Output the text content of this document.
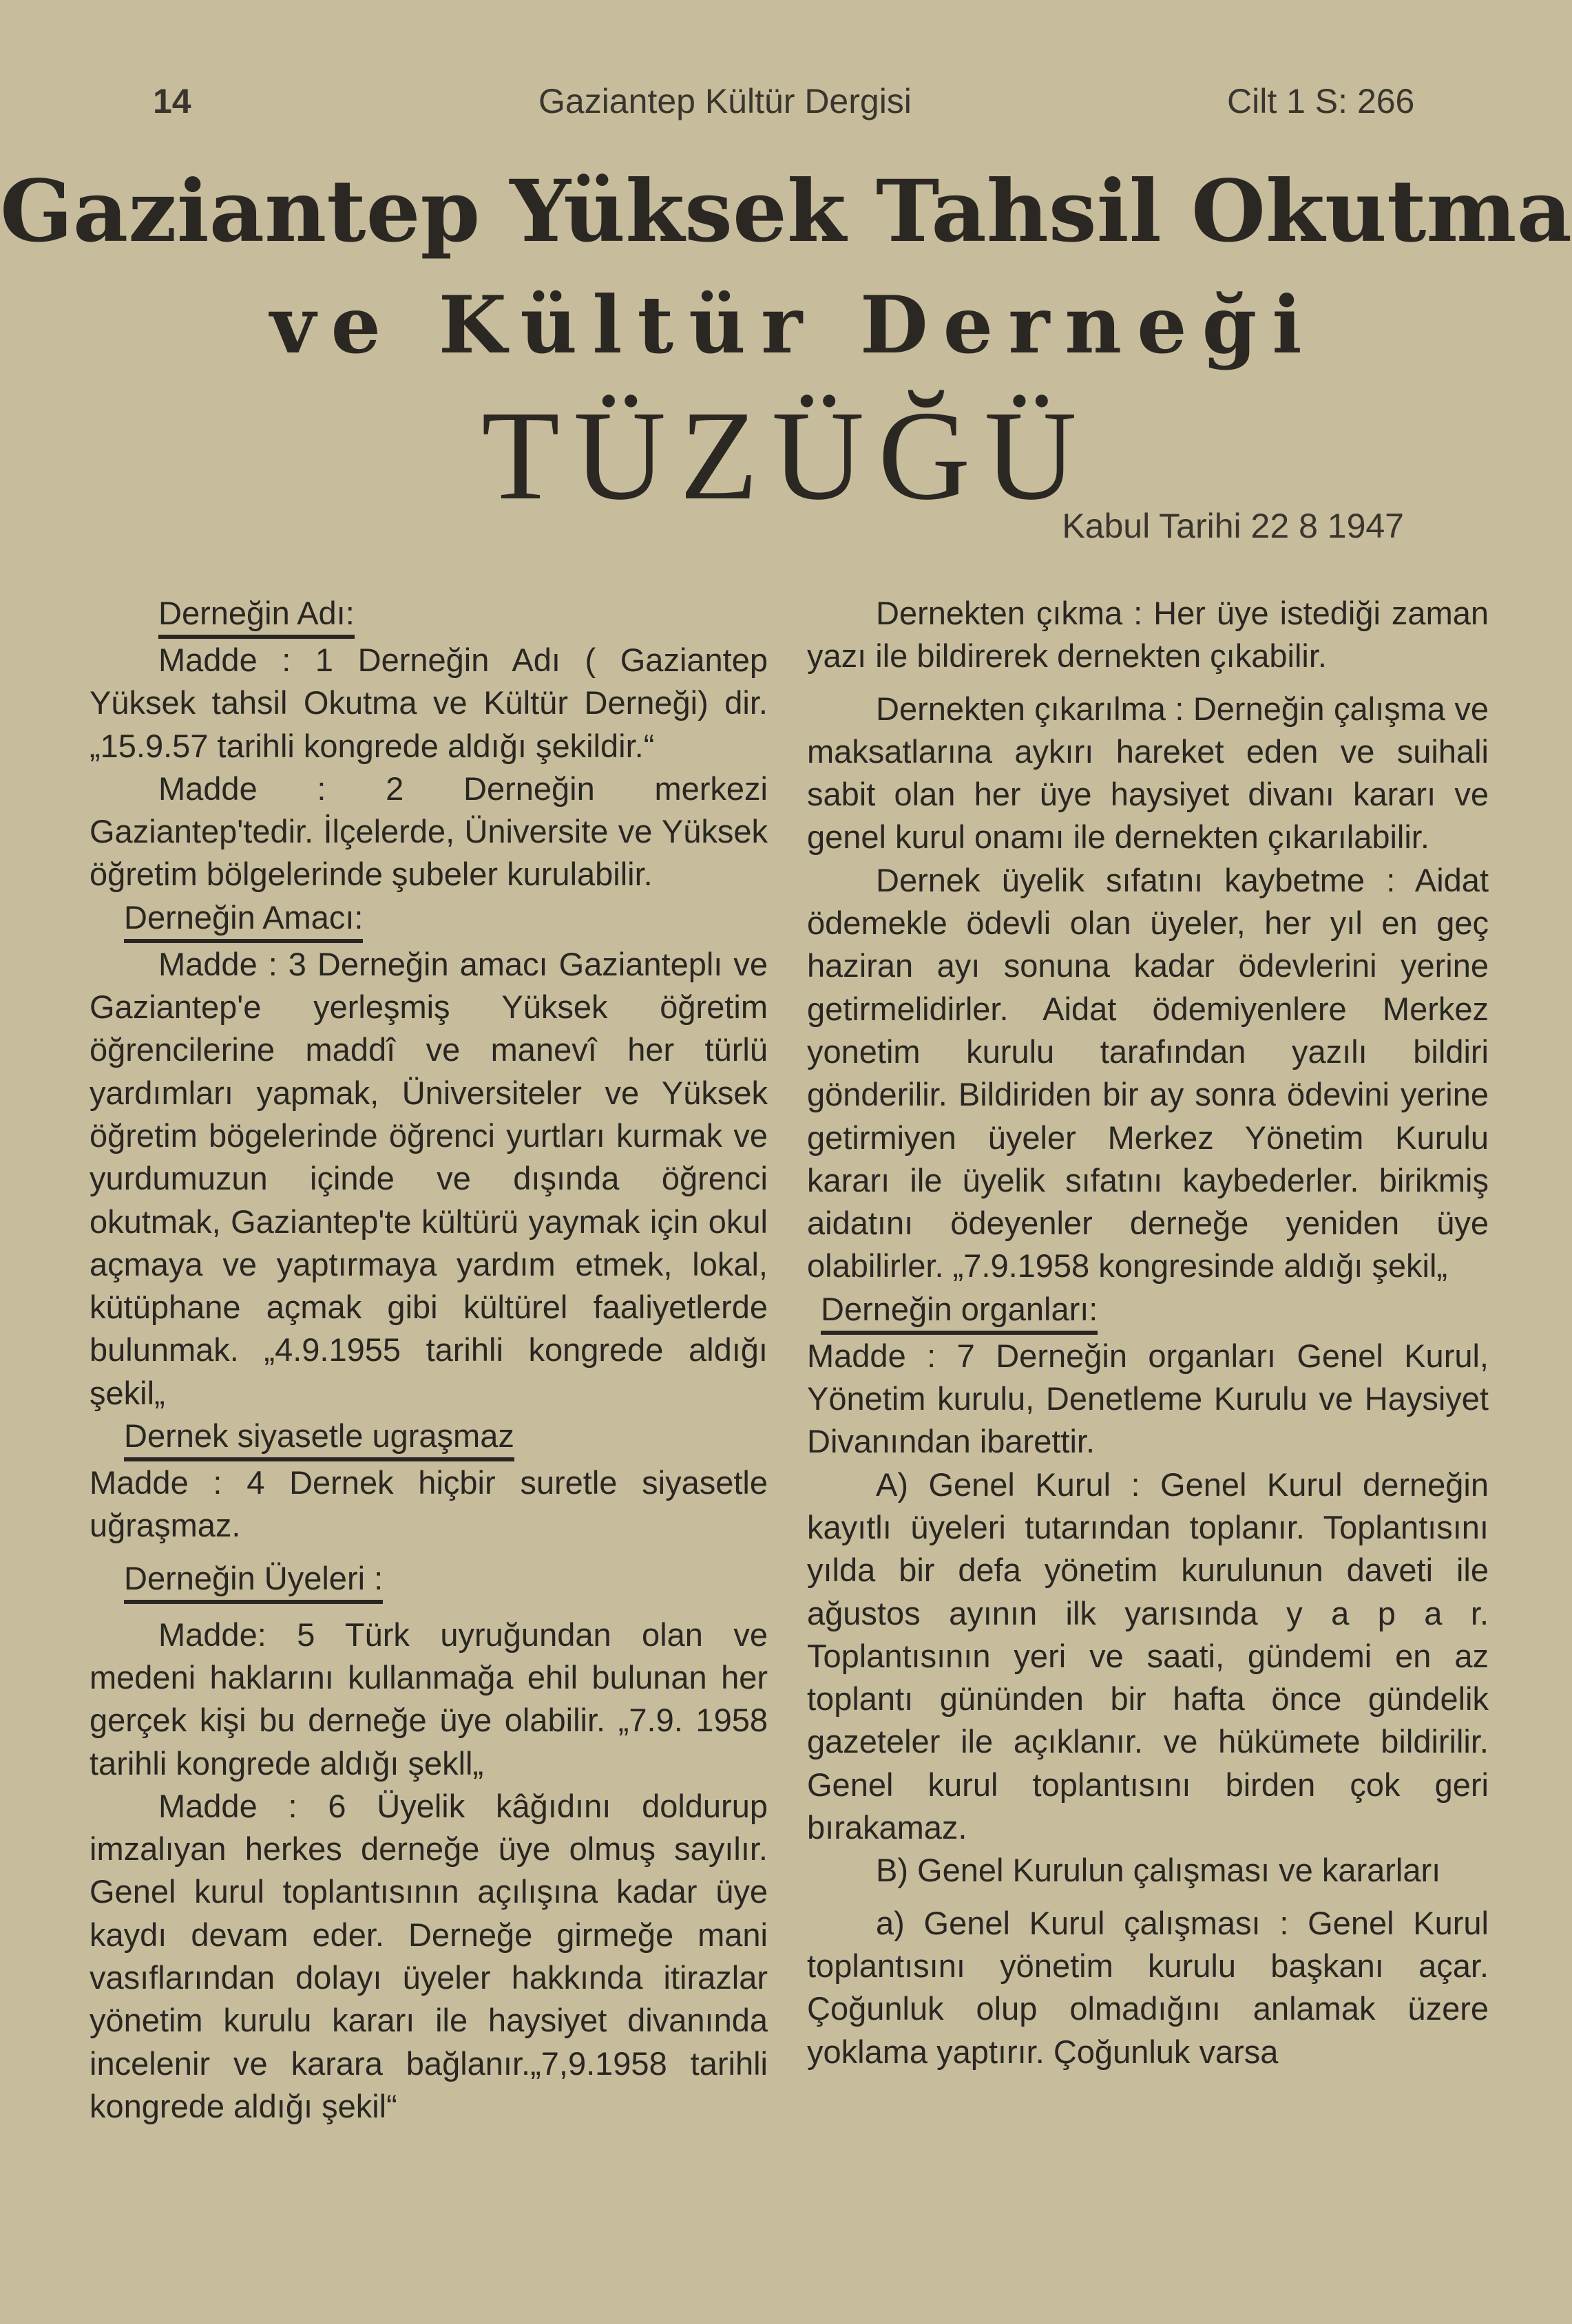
14	Gaziantep Kültür Dergisi	Cilt 1 S: 266
Gaziantep Yüksek Tahsil Okutma
ve Kültür Derneği
TÜZÜĞÜ
Kabul Tarihi 22 8 1947
Derneğin Adı:

Madde : 1 Derneğin Adı ( Gaziantep Yüksek tahsil Okutma ve Kültür Derneği) dir. „15.9.57 tarihli kongrede aldığı şekildir.“

Madde : 2 Derneğin merkezi Gaziantep'tedir. İlçelerde, Üniversite ve Yüksek öğretim bölgelerinde şubeler kurulabilir.

Derneğin Amacı:

Madde : 3 Derneğin amacı Gazianteplı ve Gaziantep'e yerleşmiş Yüksek öğretim öğrencilerine maddî ve manevî her türlü yardımları yapmak, Üniversiteler ve Yüksek öğretim bögelerinde öğrenci yurtları kurmak ve yurdumuzun içinde ve dışında öğrenci okutmak, Gaziantep'te kültürü yaymak için okul açmaya ve yaptırmaya yardım etmek, lokal, kütüphane açmak gibi kültürel faaliyetlerde bulunmak. „4.9.1955 tarihli kongrede aldığı şekil„

Dernek siyasetle ugraşmaz

Madde : 4 Dernek hiçbir suretle siyasetle uğraşmaz.

Derneğin Üyeleri :

Madde: 5 Türk uyruğundan olan ve medeni haklarını kullanmağa ehil bulunan her gerçek kişi bu derneğe üye olabilir. „7.9. 1958 tarihli kongrede aldığı şekll„

Madde : 6 Üyelik kâğıdını doldurup imzalıyan herkes derneğe üye olmuş sayılır. Genel kurul toplantısının açılışına kadar üye kaydı devam eder. Derneğe girmeğe mani vasıflarından dolayı üyeler hakkında itirazlar yönetim kurulu kararı ile haysiyet divanında incelenir ve karara bağlanır.„7,9.1958 tarihli kongrede aldığı şekil“

Dernekten çıkma : Her üye istediği zaman yazı ile bildirerek dernekten çıkabilir.

Dernekten çıkarılma : Derneğin çalışma ve maksatlarına aykırı hareket eden ve suihali sabit olan her üye haysiyet divanı kararı ve genel kurul onamı ile dernekten çıkarılabilir.

Dernek üyelik sıfatını kaybetme : Aidat ödemekle ödevli olan üyeler, her yıl en geç haziran ayı sonuna kadar ödevlerini yerine getirmelidirler. Aidat ödemiyenlere Merkez yonetim kurulu tarafından yazılı bildiri gönderilir. Bildiriden bir ay sonra ödevini yerine getirmiyen üyeler Merkez Yönetim Kurulu kararı ile üyelik sıfatını kaybederler. birikmiş aidatını ödeyenler derneğe yeniden üye olabilirler. „7.9.1958 kongresinde aldığı şekil„

Derneğin organları:

Madde : 7 Derneğin organları Genel Kurul, Yönetim kurulu, Denetleme Kurulu ve Haysiyet Divanından ibarettir.

A) Genel Kurul : Genel Kurul derneğin kayıtlı üyeleri tutarından toplanır. Toplantısını yılda bir defa yönetim kurulunun daveti ile ağustos ayının ilk yarısında y a p a r. Toplantısının yeri ve saati, gündemi en az toplantı gününden bir hafta önce gündelik gazeteler ile açıklanır. ve hükümete bildirilir. Genel kurul toplantısını birden çok geri bırakamaz.

B) Genel Kurulun çalışması ve kararları

a) Genel Kurul çalışması : Genel Kurul toplantısını yönetim kurulu başkanı açar. Çoğunluk olup olmadığını anlamak üzere yoklama yaptırır. Çoğunluk varsa
